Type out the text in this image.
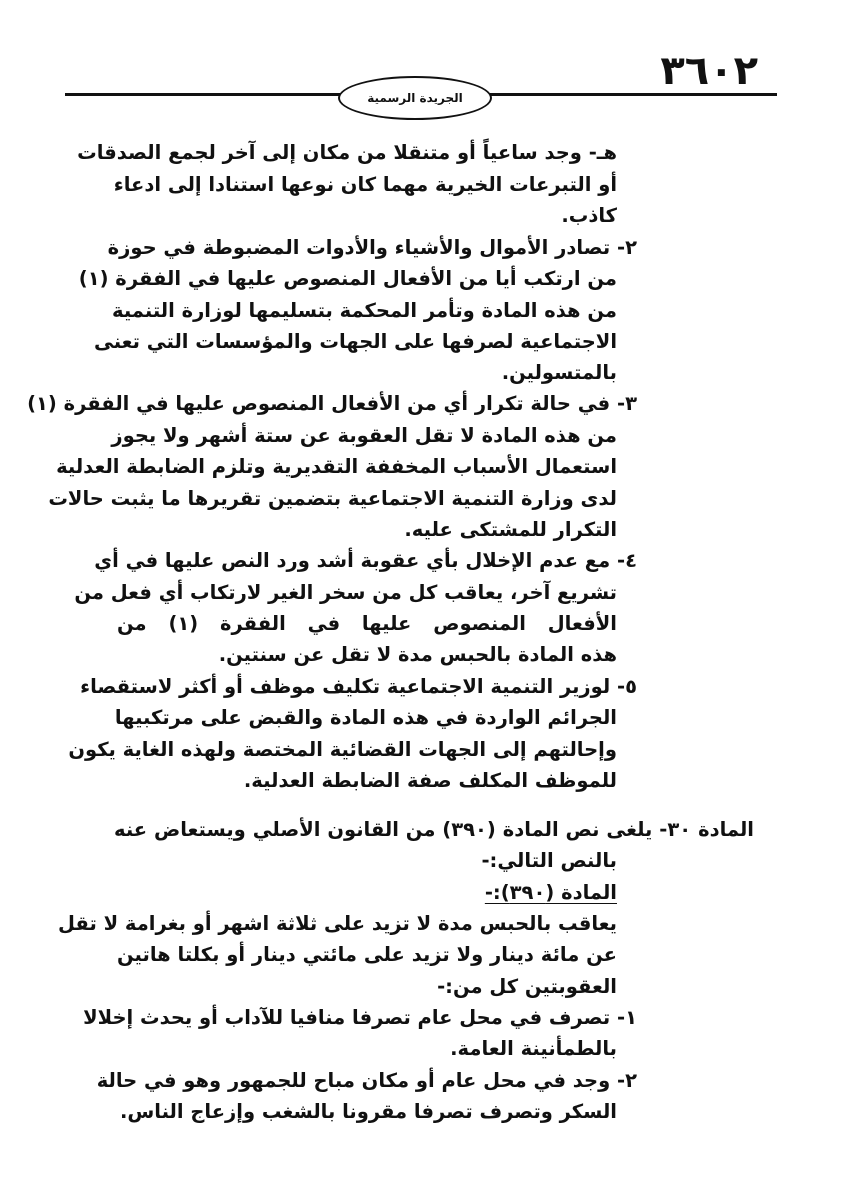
٣٦٠٢
الجريدة الرسمية
هـ- وجد ساعياً أو متنقلا من مكان إلى آخر لجمع الصدقات
أو التبرعات الخيرية مهما كان نوعها استنادا إلى ادعاء
كاذب.
٢- تصادر الأموال والأشياء والأدوات المضبوطة في حوزة
من ارتكب أيا من الأفعال المنصوص عليها في الفقرة (١)
من هذه المادة وتأمر المحكمة بتسليمها لوزارة التنمية
الاجتماعية لصرفها على الجهات والمؤسسات التي تعنى
بالمتسولين.
٣- في حالة تكرار أي من الأفعال المنصوص عليها في الفقرة (١)
من هذه المادة لا تقل العقوبة عن ستة أشهر ولا يجوز
استعمال الأسباب المخففة التقديرية وتلزم الضابطة العدلية
لدى وزارة التنمية الاجتماعية بتضمين تقريرها ما يثبت حالات
التكرار للمشتكى عليه.
٤- مع عدم الإخلال بأي عقوبة أشد ورد النص عليها في أي
تشريع آخر، يعاقب كل من سخر الغير لارتكاب أي فعل من
الأفعال المنصوص عليها في الفقرة (١) من
هذه المادة بالحبس مدة لا تقل عن سنتين.
٥- لوزير التنمية الاجتماعية تكليف موظف أو أكثر لاستقصاء
الجرائم الواردة في هذه المادة والقبض على مرتكبيها
وإحالتهم إلى الجهات القضائية المختصة ولهذه الغاية يكون
للموظف المكلف صفة الضابطة العدلية.
المادة ٣٠- يلغى نص المادة (٣٩٠) من القانون الأصلي ويستعاض عنه
بالنص التالي:-
المادة (٣٩٠):-
يعاقب بالحبس مدة لا تزيد على ثلاثة اشهر أو بغرامة لا تقل
عن مائة دينار ولا تزيد على مائتي دينار أو بكلتا هاتين
العقوبتين كل من:-
١- تصرف في محل عام تصرفا منافيا للآداب أو يحدث إخلالا
بالطمأنينة العامة.
٢- وجد في محل عام أو مكان مباح للجمهور وهو في حالة
السكر وتصرف تصرفا مقرونا بالشغب وإزعاج الناس.
